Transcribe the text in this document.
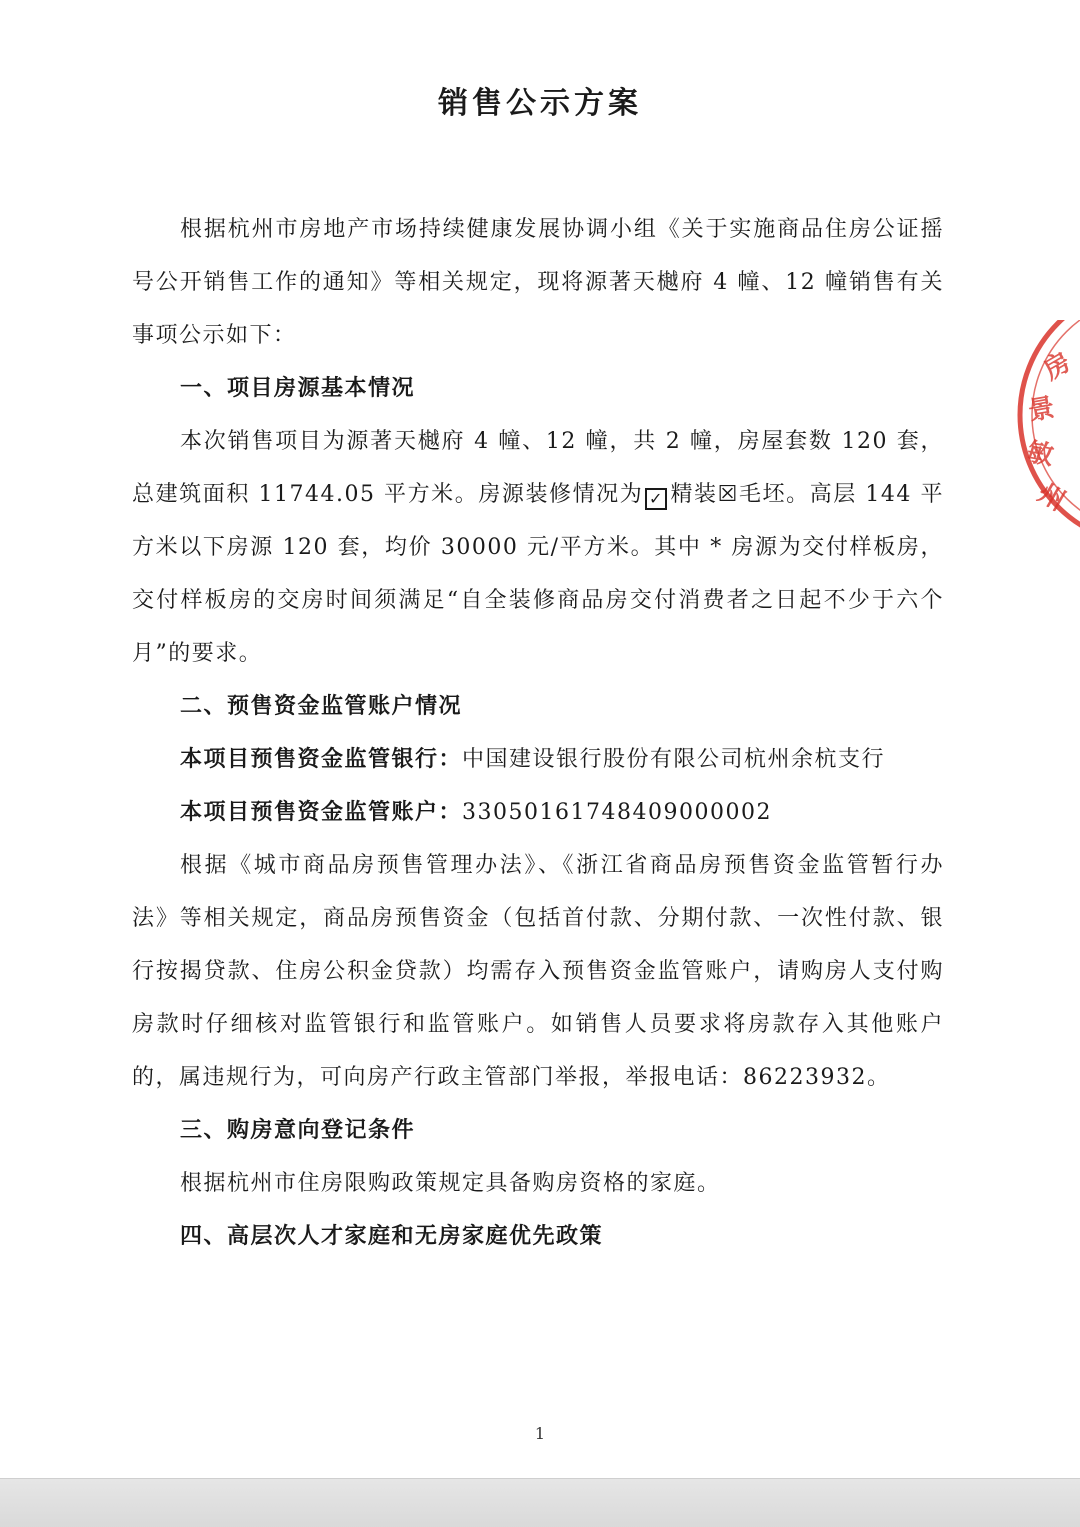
销售公示方案

根据杭州市房地产市场持续健康发展协调小组《关于实施商品住房公证摇号公开销售工作的通知》等相关规定，现将源著天樾府 4 幢、12 幢销售有关事项公示如下：

一、项目房源基本情况

本次销售项目为源著天樾府 4 幢、12 幢，共 2 幢，房屋套数 120 套，总建筑面积 11744.05 平方米。房源装修情况为 ✓ 精装☒毛坯。高层 144 平方米以下房源 120 套，均价 30000 元/平方米。其中 * 房源为交付样板房，交付样板房的交房时间须满足“自全装修商品房交付消费者之日起不少于六个月”的要求。

二、预售资金监管账户情况

本项目预售资金监管银行：中国建设银行股份有限公司杭州余杭支行

本项目预售资金监管账户：33050161748409000002

根据《城市商品房预售管理办法》、《浙江省商品房预售资金监管暂行办法》等相关规定，商品房预售资金（包括首付款、分期付款、一次性付款、银行按揭贷款、住房公积金贷款）均需存入预售资金监管账户，请购房人支付购房款时仔细核对监管银行和监管账户。如销售人员要求将房款存入其他账户的，属违规行为，可向房产行政主管部门举报，举报电话：86223932。

三、购房意向登记条件

根据杭州市住房限购政策规定具备购房资格的家庭。

四、高层次人才家庭和无房家庭优先政策

房
景
敏
州
1
